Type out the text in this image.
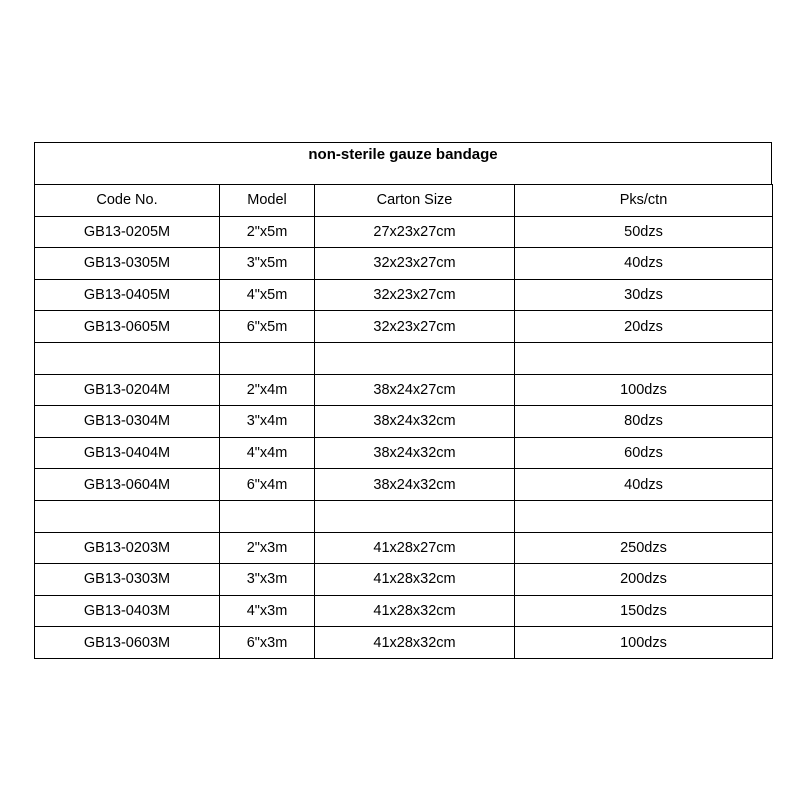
non-sterile gauze bandage
Code No.	Model	Carton Size	Pks/ctn
GB13-0205M	2"x5m	27x23x27cm	50dzs
GB13-0305M	3"x5m	32x23x27cm	40dzs
GB13-0405M	4"x5m	32x23x27cm	30dzs
GB13-0605M	6"x5m	32x23x27cm	20dzs

GB13-0204M	2"x4m	38x24x27cm	100dzs
GB13-0304M	3"x4m	38x24x32cm	80dzs
GB13-0404M	4"x4m	38x24x32cm	60dzs
GB13-0604M	6"x4m	38x24x32cm	40dzs

GB13-0203M	2"x3m	41x28x27cm	250dzs
GB13-0303M	3"x3m	41x28x32cm	200dzs
GB13-0403M	4"x3m	41x28x32cm	150dzs
GB13-0603M	6"x3m	41x28x32cm	100dzs
